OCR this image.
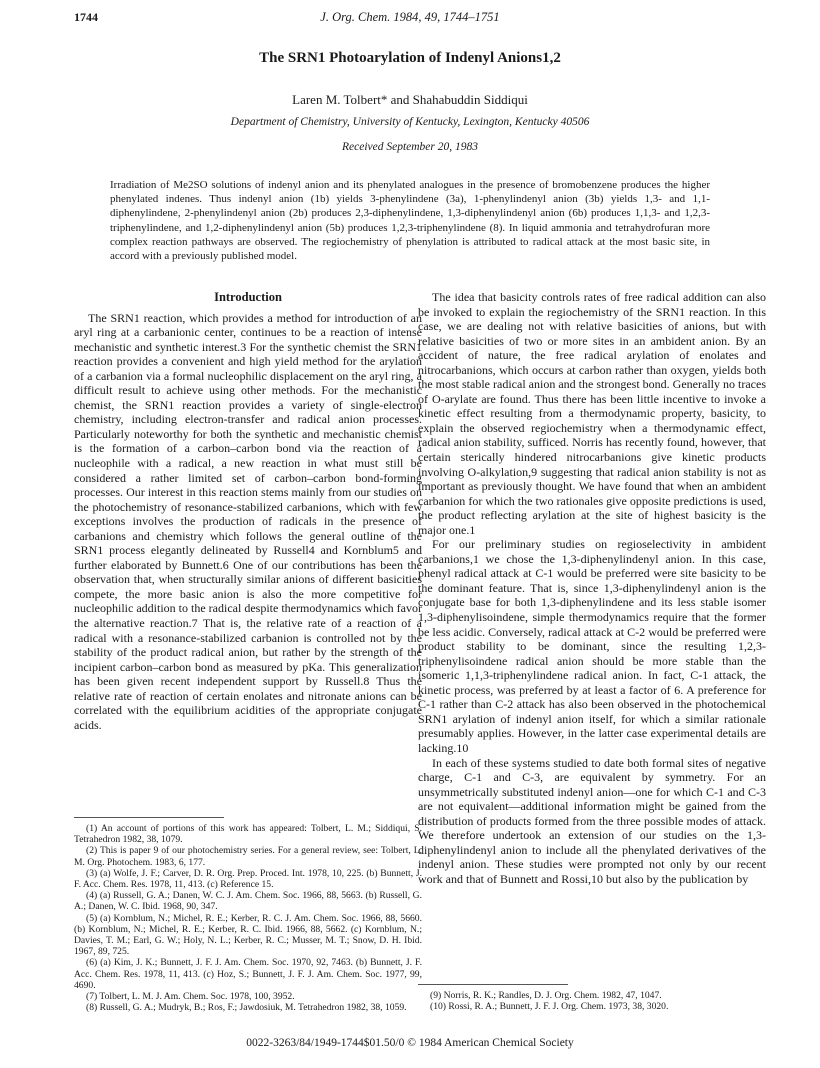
1744	J. Org. Chem. 1984, 49, 1744–1751
The SRN1 Photoarylation of Indenyl Anions1,2
Laren M. Tolbert* and Shahabuddin Siddiqui
Department of Chemistry, University of Kentucky, Lexington, Kentucky 40506
Received September 20, 1983
Irradiation of Me2SO solutions of indenyl anion and its phenylated analogues in the presence of bromobenzene produces the higher phenylated indenes. Thus indenyl anion (1b) yields 3-phenylindene (3a), 1-phenylindenyl anion (3b) yields 1,3- and 1,1-diphenylindene, 2-phenylindenyl anion (2b) produces 2,3-diphenylindene, 1,3-diphenylindenyl anion (6b) produces 1,1,3- and 1,2,3-triphenylindene, and 1,2-diphenylindenyl anion (5b) produces 1,2,3-triphenylindene (8). In liquid ammonia and tetrahydrofuran more complex reaction pathways are observed. The regiochemistry of phenylation is attributed to radical attack at the most basic site, in accord with a previously published model.
Introduction

The SRN1 reaction, which provides a method for introduction of an aryl ring at a carbanionic center, continues to be a reaction of intense mechanistic and synthetic interest.3 For the synthetic chemist the SRN1 reaction provides a convenient and high yield method for the arylation of a carbanion via a formal nucleophilic displacement on the aryl ring, a difficult result to achieve using other methods. For the mechanistic chemist, the SRN1 reaction provides a variety of single-electron chemistry, including electron-transfer and radical anion processes. Particularly noteworthy for both the synthetic and mechanistic chemist is the formation of a carbon–carbon bond via the reaction of a nucleophile with a radical, a new reaction in what must still be considered a rather limited set of carbon–carbon bond-forming processes. Our interest in this reaction stems mainly from our studies on the photochemistry of resonance-stabilized carbanions, which with few exceptions involves the production of radicals in the presence of carbanions and chemistry which follows the general outline of the SRN1 process elegantly delineated by Russell4 and Kornblum5 and further elaborated by Bunnett.6 One of our contributions has been the observation that, when structurally similar anions of different basicities compete, the more basic anion is also the more competitive for nucleophilic addition to the radical despite thermodynamics which favor the alternative reaction.7 That is, the relative rate of a reaction of a radical with a resonance-stabilized carbanion is controlled not by the stability of the product radical anion, but rather by the strength of the incipient carbon–carbon bond as measured by pKa. This generalization has been given recent independent support by Russell.8 Thus the relative rate of reaction of certain enolates and nitronate anions can be correlated with the equilibrium acidities of the appropriate conjugate acids.

The idea that basicity controls rates of free radical addition can also be invoked to explain the regiochemistry of the SRN1 reaction. In this case, we are dealing not with relative basicities of anions, but with relative basicities of two or more sites in an ambident anion. By an accident of nature, the free radical arylation of enolates and nitrocarbanions, which occurs at carbon rather than oxygen, yields both the most stable radical anion and the strongest bond. Generally no traces of O-arylate are found. Thus there has been little incentive to invoke a kinetic effect resulting from a thermodynamic property, basicity, to explain the observed regiochemistry when a thermodynamic effect, radical anion stability, sufficed. Norris has recently found, however, that certain sterically hindered nitrocarbanions give kinetic products involving O-alkylation,9 suggesting that radical anion stability is not as important as previously thought. We have found that when an ambident carbanion for which the two rationales give opposite predictions is used, the product reflecting arylation at the site of highest basicity is the major one.1

For our preliminary studies on regioselectivity in ambident carbanions,1 we chose the 1,3-diphenylindenyl anion. In this case, phenyl radical attack at C-1 would be preferred were site basicity to be the dominant feature. That is, since 1,3-diphenylindenyl anion is the conjugate base for both 1,3-diphenylindene and its less stable isomer 1,3-diphenylisoindene, simple thermodynamics require that the former be less acidic. Conversely, radical attack at C-2 would be preferred were product stability to be dominant, since the resulting 1,2,3-triphenylisoindene radical anion should be more stable than the isomeric 1,1,3-triphenylindene radical anion. In fact, C-1 attack, the kinetic process, was preferred by at least a factor of 6. A preference for C-1 rather than C-2 attack has also been observed in the photochemical SRN1 arylation of indenyl anion itself, for which a similar rationale presumably applies. However, in the latter case experimental details are lacking.10

In each of these systems studied to date both formal sites of negative charge, C-1 and C-3, are equivalent by symmetry. For an unsymmetrically substituted indenyl anion—one for which C-1 and C-3 are not equivalent—additional information might be gained from the distribution of products formed from the three possible modes of attack. We therefore undertook an extension of our studies on the 1,3-diphenylindenyl anion to include all the phenylated derivatives of the indenyl anion. These studies were prompted not only by our recent work and that of Bunnett and Rossi,10 but also by the publication by

(1) An account of portions of this work has appeared: Tolbert, L. M.; Siddiqui, S. Tetrahedron 1982, 38, 1079.
(2) This is paper 9 of our photochemistry series. For a general review, see: Tolbert, L. M. Org. Photochem. 1983, 6, 177.
(3) (a) Wolfe, J. F.; Carver, D. R. Org. Prep. Proced. Int. 1978, 10, 225. (b) Bunnett, J. F. Acc. Chem. Res. 1978, 11, 413. (c) Reference 15.
(4) (a) Russell, G. A.; Danen, W. C. J. Am. Chem. Soc. 1966, 88, 5663. (b) Russell, G. A.; Danen, W. C. Ibid. 1968, 90, 347.
(5) (a) Kornblum, N.; Michel, R. E.; Kerber, R. C. J. Am. Chem. Soc. 1966, 88, 5660. (b) Kornblum, N.; Michel, R. E.; Kerber, R. C. Ibid. 1966, 88, 5662. (c) Kornblum, N.; Davies, T. M.; Earl, G. W.; Holy, N. L.; Kerber, R. C.; Musser, M. T.; Snow, D. H. Ibid. 1967, 89, 725.
(6) (a) Kim, J. K.; Bunnett, J. F. J. Am. Chem. Soc. 1970, 92, 7463. (b) Bunnett, J. F. Acc. Chem. Res. 1978, 11, 413. (c) Hoz, S.; Bunnett, J. F. J. Am. Chem. Soc. 1977, 99, 4690.
(7) Tolbert, L. M. J. Am. Chem. Soc. 1978, 100, 3952.
(8) Russell, G. A.; Mudryk, B.; Ros, F.; Jawdosiuk, M. Tetrahedron 1982, 38, 1059.
(9) Norris, R. K.; Randles, D. J. Org. Chem. 1982, 47, 1047.
(10) Rossi, R. A.; Bunnett, J. F. J. Org. Chem. 1973, 38, 3020.
0022-3263/84/1949-1744$01.50/0 © 1984 American Chemical Society
